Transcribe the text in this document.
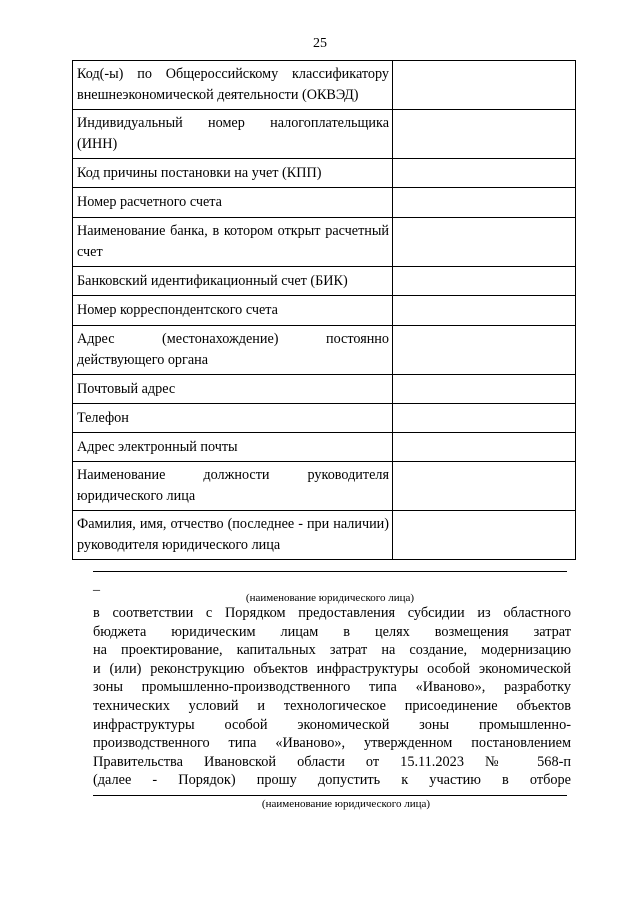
25
Код(-ы) по Общероссийскому классификатору внешнеэкономической деятельности (ОКВЭД)	
Индивидуальный номер налогоплательщика (ИНН)	
Код причины постановки на учет (КПП)	
Номер расчетного счета	
Наименование банка, в котором открыт расчетный счет	
Банковский идентификационный счет (БИК)	
Номер корреспондентского счета	
Адрес (местонахождение) постоянно действующего органа	
Почтовый адрес	
Телефон	
Адрес электронный почты	
Наименование должности руководителя юридического лица	
Фамилия, имя, отчество (последнее - при наличии) руководителя юридического лица	
_
(наименование юридического лица)
в соответствии с Порядком предоставления субсидии из областного
бюджета юридическим лицам в целях возмещения затрат
на проектирование, капитальных затрат на создание, модернизацию
и (или) реконструкцию объектов инфраструктуры особой экономической
зоны промышленно-производственного типа «Иваново», разработку
технических условий и технологическое присоединение объектов
инфраструктуры особой экономической зоны промышленно-
производственного типа «Иваново», утвержденном постановлением
Правительства Ивановской области от 15.11.2023 № 568-п
(далее - Порядок) прошу допустить к участию в отборе
(наименование юридического лица)
